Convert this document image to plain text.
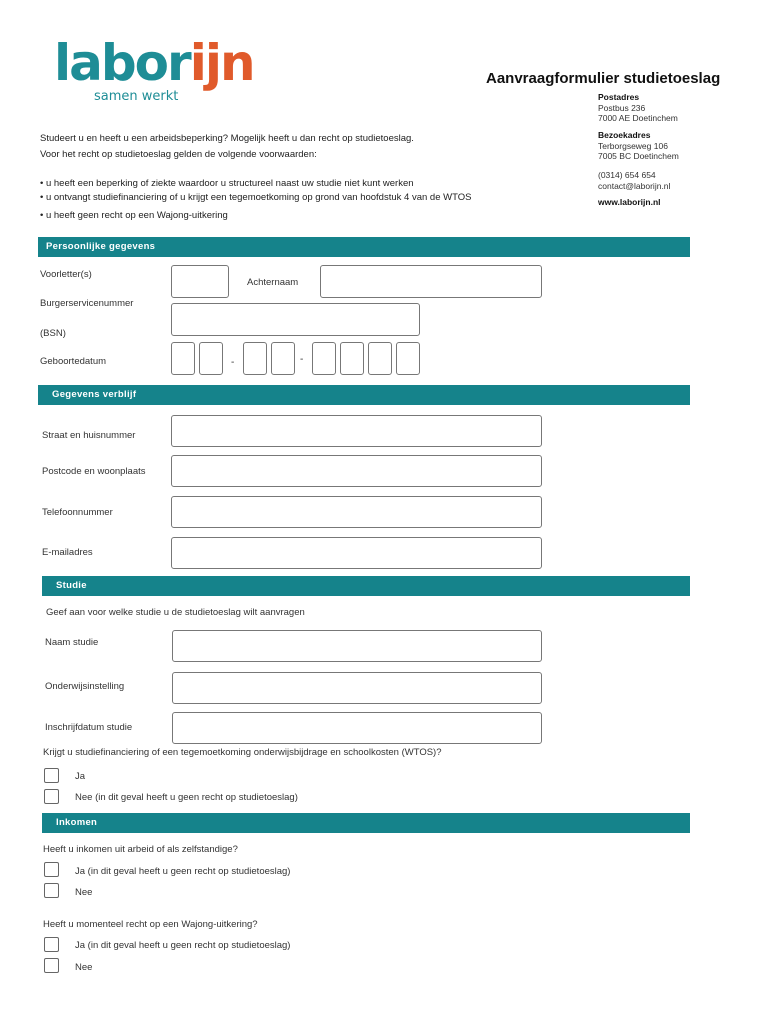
laborijn
samen werkt
Aanvraagformulier studietoeslag
Postadres
Postbus 236
7000 AE Doetinchem
Bezoekadres
Terborgseweg 106
7005 BC Doetinchem
(0314) 654 654
contact@laborijn.nl
www.laborijn.nl
Studeert u en heeft u een arbeidsbeperking? Mogelijk heeft u dan recht op studietoeslag.
Voor het recht op studietoeslag gelden de volgende voorwaarden:
• u heeft een beperking of ziekte waardoor u structureel naast uw studie niet kunt werken
• u ontvangt studiefinanciering of u krijgt een tegemoetkoming op grond van hoofdstuk 4 van de WTOS
• u heeft geen recht op een Wajong-uitkering
Persoonlijke gegevens
Voorletter(s)
Achternaam
Burgerservicenummer
(BSN)
Geboortedatum	-	-
Gegevens verblijf
Straat en huisnummer
Postcode en woonplaats
Telefoonnummer
E-mailadres
Studie
Geef aan voor welke studie u de studietoeslag wilt aanvragen
Naam studie
Onderwijsinstelling
Inschrijfdatum studie
Krijgt u studiefinanciering of een tegemoetkoming onderwijsbijdrage en schoolkosten (WTOS)?
Ja
Nee (in dit geval heeft u geen recht op studietoeslag)
Inkomen
Heeft u inkomen uit arbeid of als zelfstandige?
Ja (in dit geval heeft u geen recht op studietoeslag)
Nee
Heeft u momenteel recht op een Wajong-uitkering?
Ja (in dit geval heeft u geen recht op studietoeslag)
Nee
